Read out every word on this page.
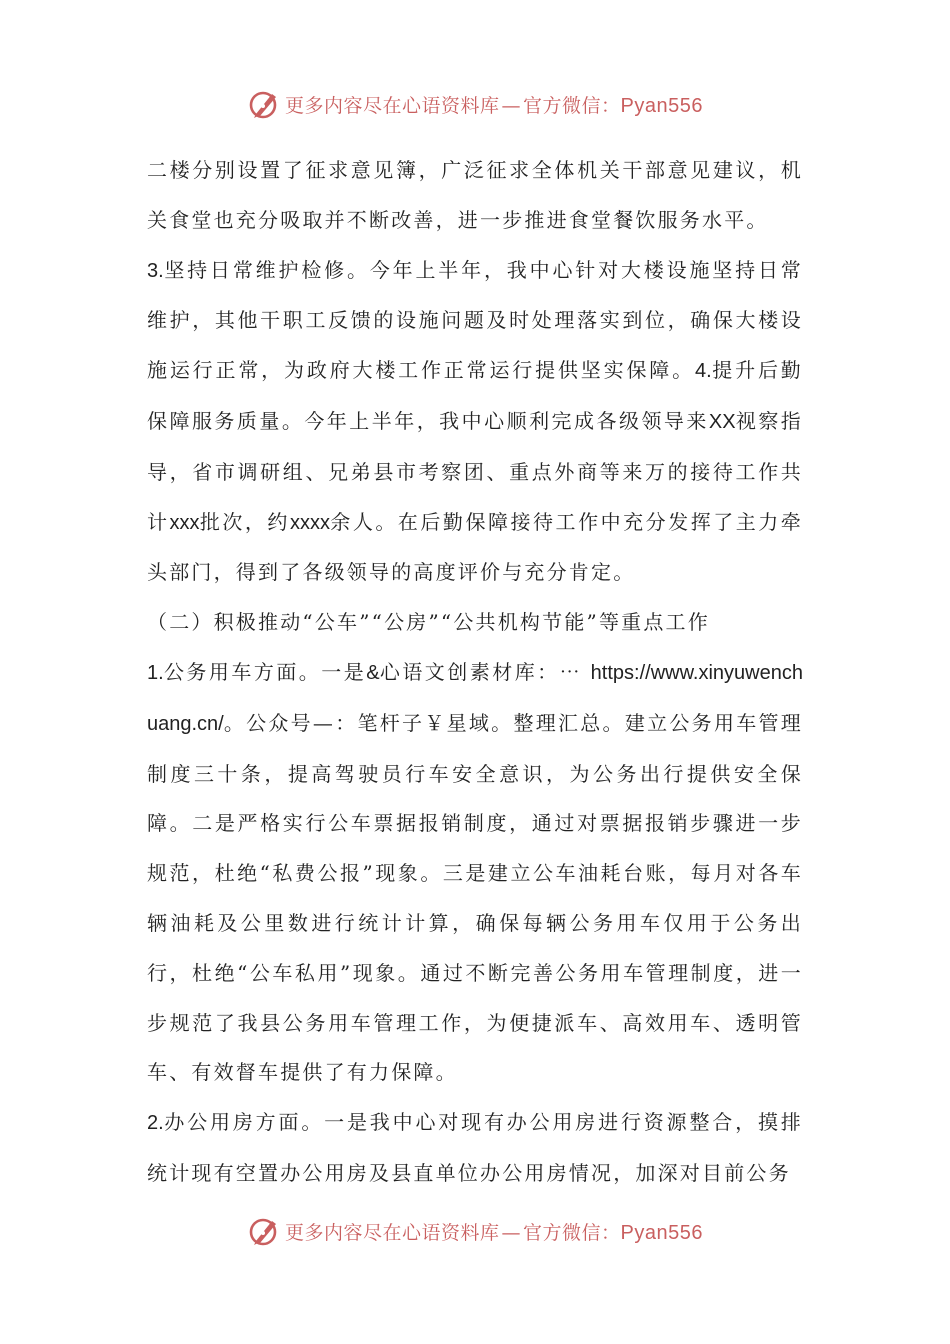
更多内容尽在心语资料库 — 官方微信：Pyan556

二楼分别设置了征求意见簿，广泛征求全体机关干部意见建议，机关食堂也充分吸取并不断改善，进一步推进食堂餐饮服务水平。

3.坚持日常维护检修。今年上半年，我中心针对大楼设施坚持日常维护，其他干职工反馈的设施问题及时处理落实到位，确保大楼设施运行正常，为政府大楼工作正常运行提供坚实保障。4.提升后勤保障服务质量。今年上半年，我中心顺利完成各级领导来XX视察指导，省市调研组、兄弟县市考察团、重点外商等来万的接待工作共计xxx批次，约xxxx余人。在后勤保障接待工作中充分发挥了主力牵头部门，得到了各级领导的高度评价与充分肯定。

（二）积极推动“公车”“公房”“公共机构节能”等重点工作

1.公务用车方面。一是&心语文创素材库：⋯ https://www.xinyuwenchuang.cn/。公众号—：笔杆子￥星域。整理汇总。建立公务用车管理制度三十条，提高驾驶员行车安全意识，为公务出行提供安全保障。二是严格实行公车票据报销制度，通过对票据报销步骤进一步规范，杜绝“私费公报”现象。三是建立公车油耗台账，每月对各车辆油耗及公里数进行统计计算，确保每辆公务用车仅用于公务出行，杜绝“公车私用”现象。通过不断完善公务用车管理制度，进一步规范了我县公务用车管理工作，为便捷派车、高效用车、透明管车、有效督车提供了有力保障。

2.办公用房方面。一是我中心对现有办公用房进行资源整合，摸排统计现有空置办公用房及县直单位办公用房情况，加深对目前公务

更多内容尽在心语资料库 — 官方微信：Pyan556
